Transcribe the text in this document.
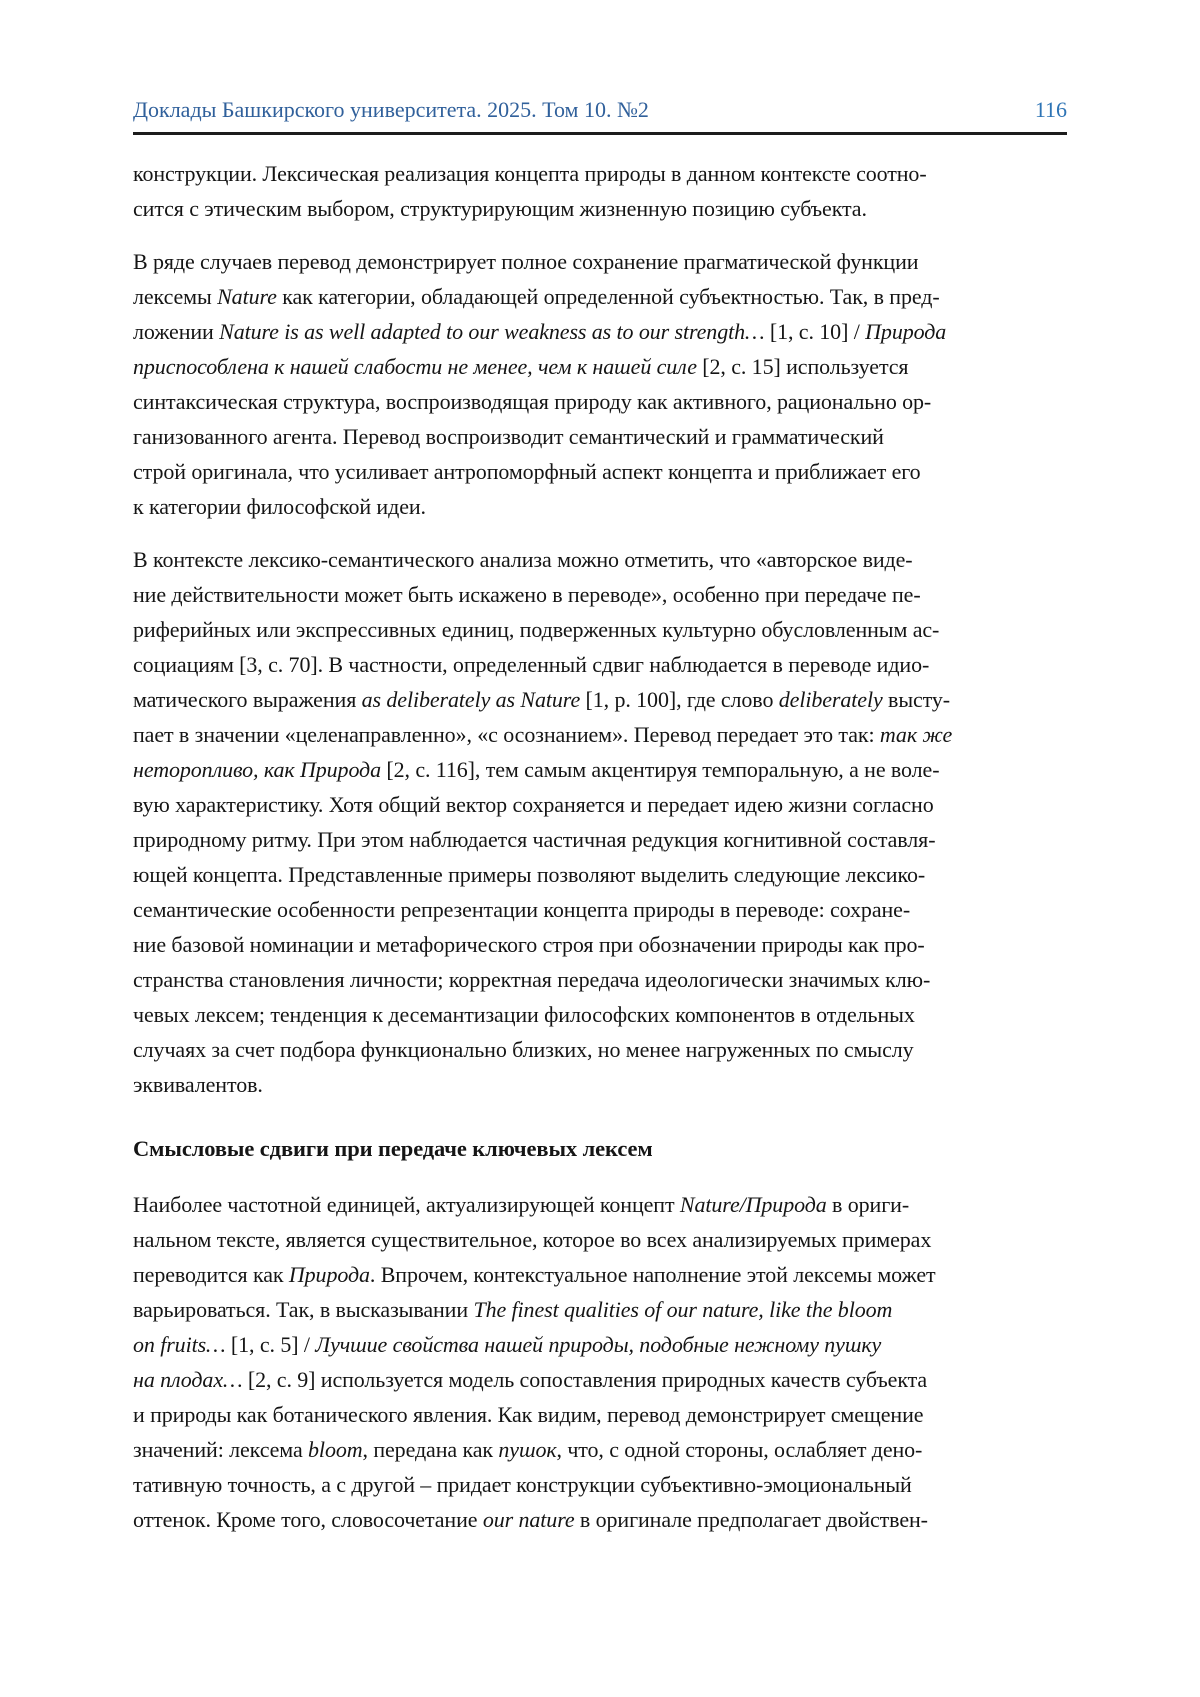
Доклады Башкирского университета. 2025. Том 10. №2	116
конструкции. Лексическая реализация концепта природы в данном контексте соотно-
сится с этическим выбором, структурирующим жизненную позицию субъекта.
В ряде случаев перевод демонстрирует полное сохранение прагматической функции
лексемы Nature как категории, обладающей определенной субъектностью. Так, в пред-
ложении Nature is as well adapted to our weakness as to our strength… [1, с. 10] / Природа
приспособлена к нашей слабости не менее, чем к нашей силе [2, с. 15] используется
синтаксическая структура, воспроизводящая природу как активного, рационально ор-
ганизованного агента. Перевод воспроизводит семантический и грамматический
строй оригинала, что усиливает антропоморфный аспект концепта и приближает его
к категории философской идеи.
В контексте лексико-семантического анализа можно отметить, что «авторское виде-
ние действительности может быть искажено в переводе», особенно при передаче пе-
риферийных или экспрессивных единиц, подверженных культурно обусловленным ас-
социациям [3, с. 70]. В частности, определенный сдвиг наблюдается в переводе идио-
матического выражения as deliberately as Nature [1, p. 100], где слово deliberately высту-
пает в значении «целенаправленно», «с осознанием». Перевод передает это так: так же
неторопливо, как Природа [2, с. 116], тем самым акцентируя темпоральную, а не воле-
вую характеристику. Хотя общий вектор сохраняется и передает идею жизни согласно
природному ритму. При этом наблюдается частичная редукция когнитивной составля-
ющей концепта. Представленные примеры позволяют выделить следующие лексико-
семантические особенности репрезентации концепта природы в переводе: сохране-
ние базовой номинации и метафорического строя при обозначении природы как про-
странства становления личности; корректная передача идеологически значимых клю-
чевых лексем; тенденция к десемантизации философских компонентов в отдельных
случаях за счет подбора функционально близких, но менее нагруженных по смыслу
эквивалентов.
Смысловые сдвиги при передаче ключевых лексем
Наиболее частотной единицей, актуализирующей концепт Nature/Природа в ориги-
нальном тексте, является существительное, которое во всех анализируемых примерах
переводится как Природа. Впрочем, контекстуальное наполнение этой лексемы может
варьироваться. Так, в высказывании The finest qualities of our nature, like the bloom
on fruits… [1, с. 5] / Лучшие свойства нашей природы, подобные нежному пушку
на плодах… [2, с. 9] используется модель сопоставления природных качеств субъекта
и природы как ботанического явления. Как видим, перевод демонстрирует смещение
значений: лексема bloom, передана как пушок, что, с одной стороны, ослабляет дено-
тативную точность, а с другой – придает конструкции субъективно-эмоциональный
оттенок. Кроме того, словосочетание our nature в оригинале предполагает двойствен-
